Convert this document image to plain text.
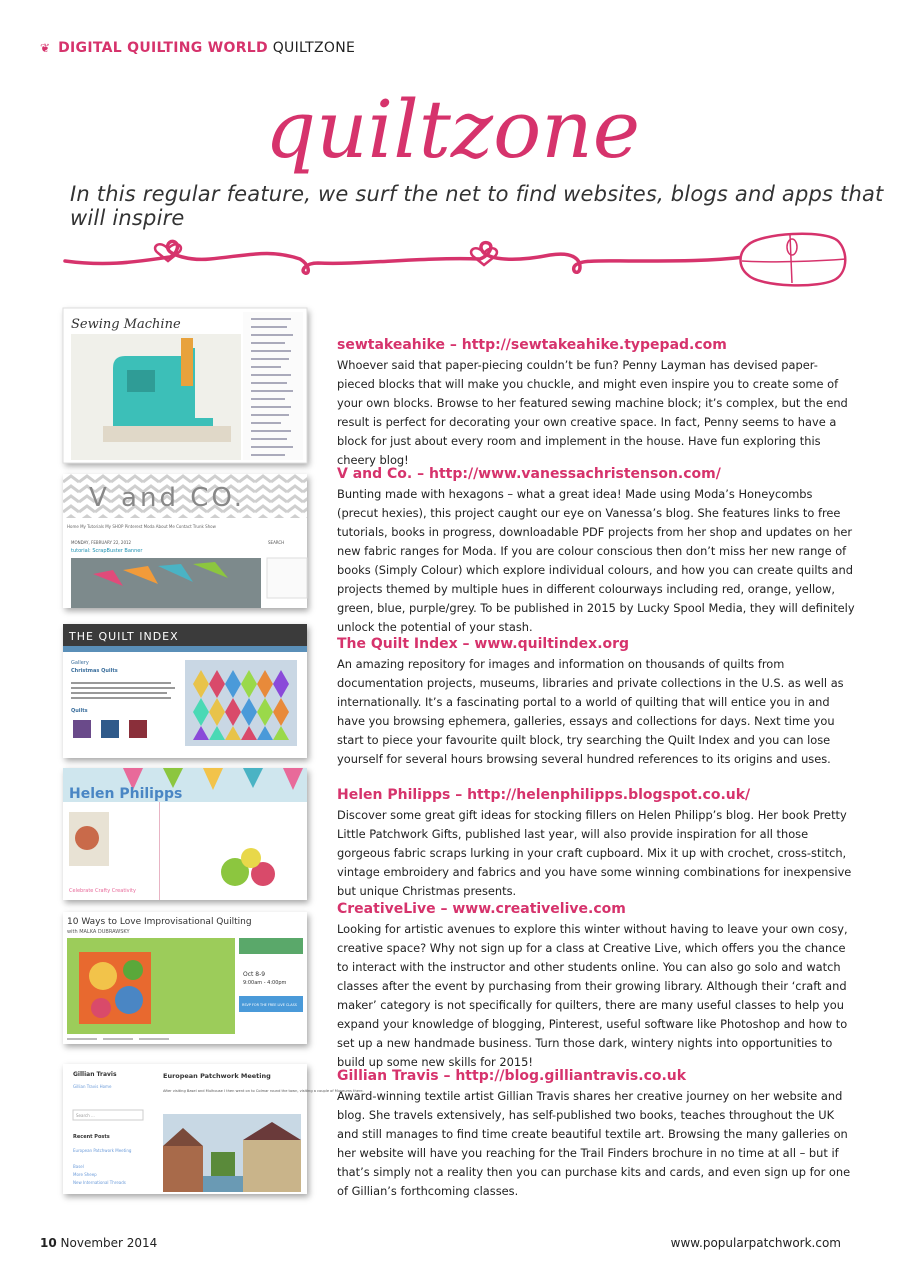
❦ DIGITAL QUILTING WORLD QUILTZONE
quiltzone
In this regular feature, we surf the net to find websites, blogs and apps that will inspire
Sewing Machine
V and CO.
Home My Tutorials My SHOP Pinterest Moda About Me Contact Trunk Show
MONDAY, FEBRUARY 22, 2012
tutorial: ScrapBuster Banner
SEARCH
THE QUILT INDEX
Gallery
Christmas Quilts
Quilts
Helen Philipps
Celebrate Crafty Creativity
10 Ways to Love Improvisational Quilting
with MALKA DUBRAWSKY
Oct 8-9
9:00am - 4:00pm
RSVP FOR THE FREE LIVE CLASS
Gillian Travis
Gillian Travis Home
Search ...
Recent Posts
European Patchwork Meeting
Basel
More Sheep
New International Threads
European Patchwork Meeting
After visiting Basel and Mulhouse I then went on to Colmar round the town, visiting a couple of Museums there.
sewtakeahike – http://sewtakeahike.typepad.com

Whoever said that paper-piecing couldn’t be fun? Penny Layman has devised paper-pieced blocks that will make you chuckle, and might even inspire you to create some of your own blocks. Browse to her featured sewing machine block; it’s complex, but the end result is perfect for decorating your own creative space. In fact, Penny seems to have a block for just about every room and implement in the house. Have fun exploring this cheery blog!

V and Co. – http://www.vanessachristenson.com/

Bunting made with hexagons – what a great idea! Made using Moda’s Honeycombs (precut hexies), this project caught our eye on Vanessa’s blog. She features links to free tutorials, books in progress, downloadable PDF projects from her shop and updates on her new fabric ranges for Moda. If you are colour conscious then don’t miss her new range of books (Simply Colour) which explore individual colours, and how you can create quilts and projects themed by multiple hues in different colourways including red, orange, yellow, green, blue, purple/grey. To be published in 2015 by Lucky Spool Media, they will definitely unlock the potential of your stash.

The Quilt Index – www.quiltindex.org

An amazing repository for images and information on thousands of quilts from documentation projects, museums, libraries and private collections in the U.S. as well as internationally. It’s a fascinating portal to a world of quilting that will entice you in and have you browsing ephemera, galleries, essays and collections for days. Next time you start to piece your favourite quilt block, try searching the Quilt Index and you can lose yourself for several hours browsing several hundred references to its origins and uses.

Helen Philipps – http://helenphilipps.blogspot.co.uk/

Discover some great gift ideas for stocking fillers on Helen Philipp’s blog. Her book Pretty Little Patchwork Gifts, published last year, will also provide inspiration for all those gorgeous fabric scraps lurking in your craft cupboard. Mix it up with crochet, cross-stitch, vintage embroidery and fabrics and you have some winning combinations for inexpensive but unique Christmas presents.

CreativeLive – www.creativelive.com

Looking for artistic avenues to explore this winter without having to leave your own cosy, creative space? Why not sign up for a class at Creative Live, which offers you the chance to interact with the instructor and other students online. You can also go solo and watch classes after the event by purchasing from their growing library. Although their ‘craft and maker’ category is not specifically for quilters, there are many useful classes to help you expand your knowledge of blogging, Pinterest, useful software like Photoshop and how to set up a new handmade business. Turn those dark, wintery nights into opportunities to build up some new skills for 2015!

Gillian Travis – http://blog.gilliantravis.co.uk

Award-winning textile artist Gillian Travis shares her creative journey on her website and blog. She travels extensively, has self-published two books, teaches throughout the UK and still manages to find time create beautiful textile art. Browsing the many galleries on her website will have you reaching for the Trail Finders brochure in no time at all – but if that’s simply not a reality then you can purchase kits and cards, and even sign up for one of Gillian’s forthcoming classes.

10 November 2014	www.popularpatchwork.com
